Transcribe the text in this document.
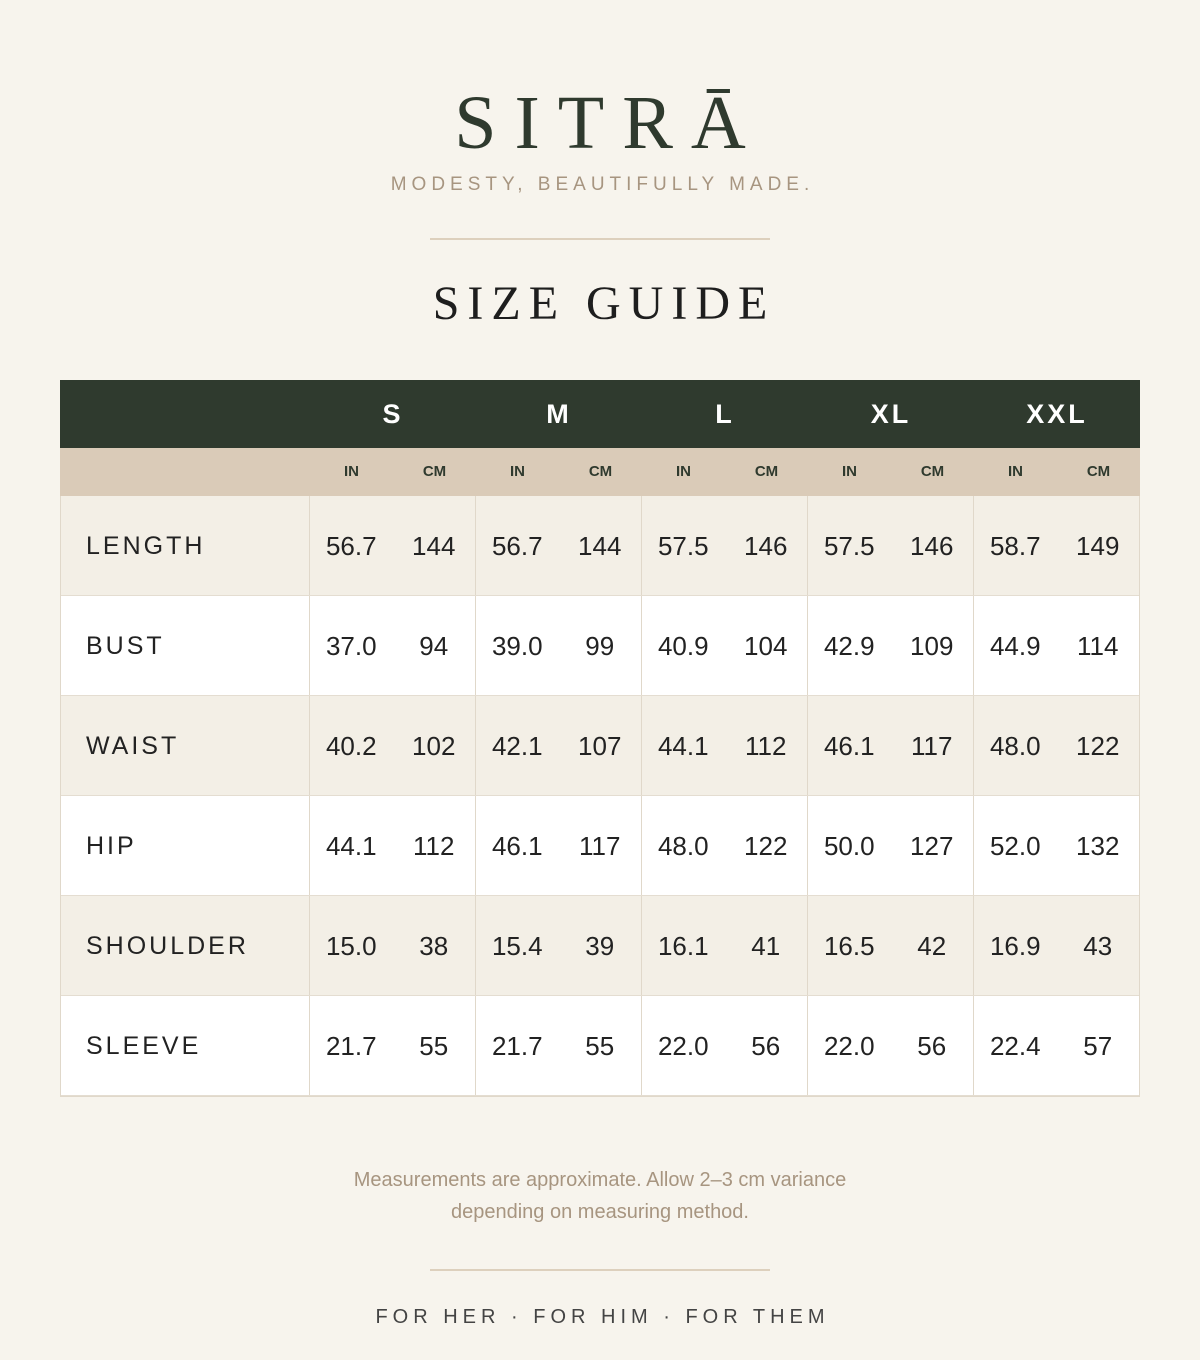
SITRĀ
MODESTY, BEAUTIFULLY MADE.
SIZE GUIDE
S	M	L	XL	XXL
IN	CM	IN	CM	IN	CM	IN	CM	IN	CM
LENGTH	56.7	144	56.7	144	57.5	146	57.5	146	58.7	149
BUST	37.0	94	39.0	99	40.9	104	42.9	109	44.9	114
WAIST	40.2	102	42.1	107	44.1	112	46.1	117	48.0	122
HIP	44.1	112	46.1	117	48.0	122	50.0	127	52.0	132
SHOULDER	15.0	38	15.4	39	16.1	41	16.5	42	16.9	43
SLEEVE	21.7	55	21.7	55	22.0	56	22.0	56	22.4	57
Measurements are approximate. Allow 2–3 cm variance
depending on measuring method.
FOR HER · FOR HIM · FOR THEM
